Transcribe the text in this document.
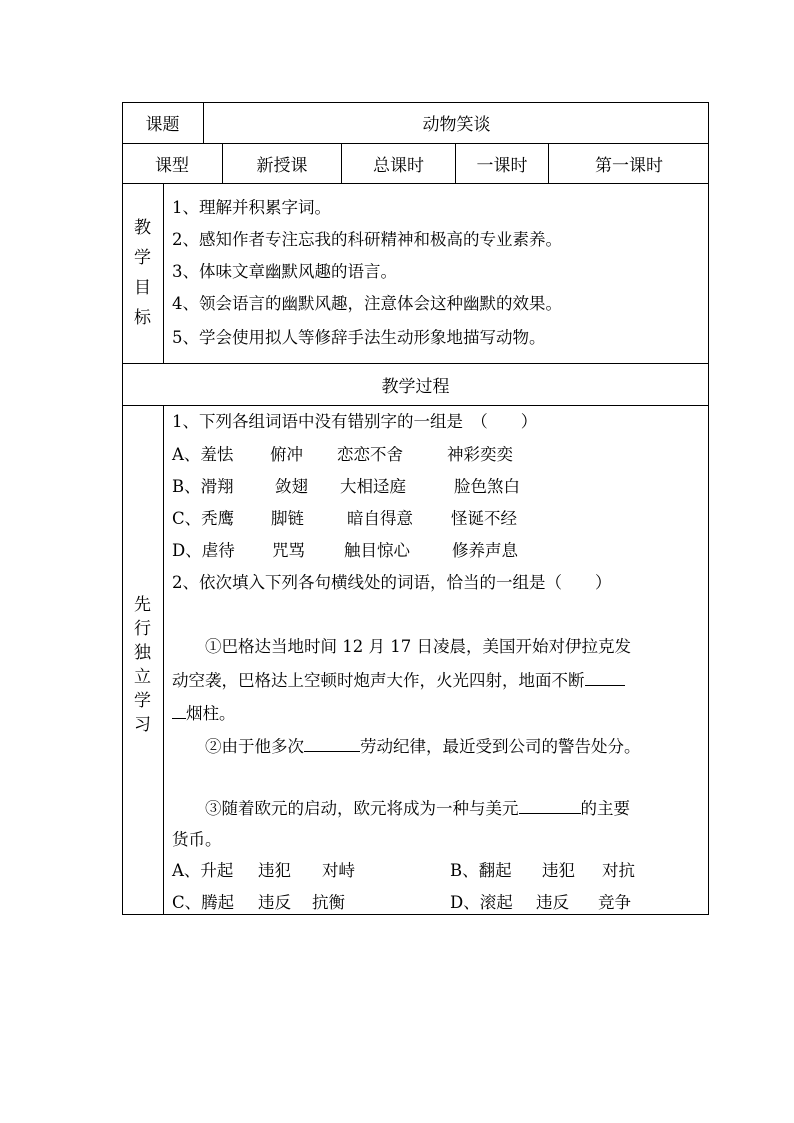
课题	动物笑谈
课型	新授课	总课时	一课时	第一课时
教
学
目
标
1、理解并积累字词。
2、感知作者专注忘我的科研精神和极高的专业素养。
3、体味文章幽默风趣的语言。
4、领会语言的幽默风趣，注意体会这种幽默的效果。
5、学会使用拟人等修辞手法生动形象地描写动物。
教学过程
先
行
独
立
学
习
1、下列各组词语中没有错别字的一组是　（　　）
A、羞怯 俯冲 恋恋不舍	神彩奕奕
B、滑翔	敛翅 大相迳庭	脸色煞白
C、秃鹰 脚链	暗自得意 怪诞不经
D、虐待 咒骂 触目惊心	修养声息
2、依次填入下列各句横线处的词语，恰当的一组是（　　）
①巴格达当地时间 12 月 17 日凌晨，美国开始对伊拉克发
动空袭，巴格达上空顿时炮声大作，火光四射，地面不断
烟柱。
②由于他多次	劳动纪律，最近受到公司的警告处分。
③随着欧元的启动，欧元将成为一种与美元	的主要
货币。
A、升起 违犯 对峙	B、翻起 违犯 对抗
C、腾起 违反 抗衡	D、滚起 违反 竞争
